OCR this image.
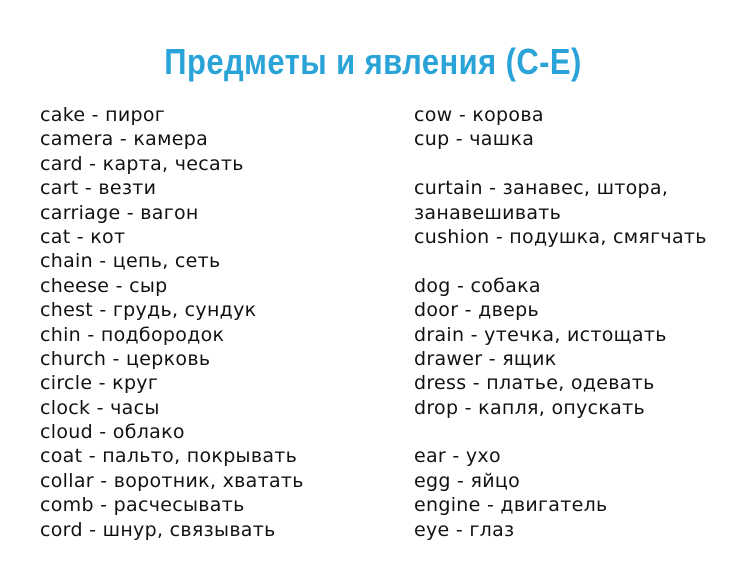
Предметы и явления (C-E)
cake - пирог
camera - камера
card - карта, чесать
cart - везти
carriage - вагон
cat - кот
chain - цепь, сеть
cheese - сыр
chest - грудь, сундук
chin - подбородок
church - церковь
circle - круг
clock - часы
cloud - облако
coat - пальто, покрывать
collar - воротник, хватать
comb - расчесывать
cord - шнур, связывать
cow - корова
cup - чашка
curtain - занавес, штора,
занавешивать
cushion - подушка, смягчать
dog - собака
door - дверь
drain - утечка, истощать
drawer - ящик
dress - платье, одевать
drop - капля, опускать
ear - ухо
egg - яйцо
engine - двигатель
eye - глаз
